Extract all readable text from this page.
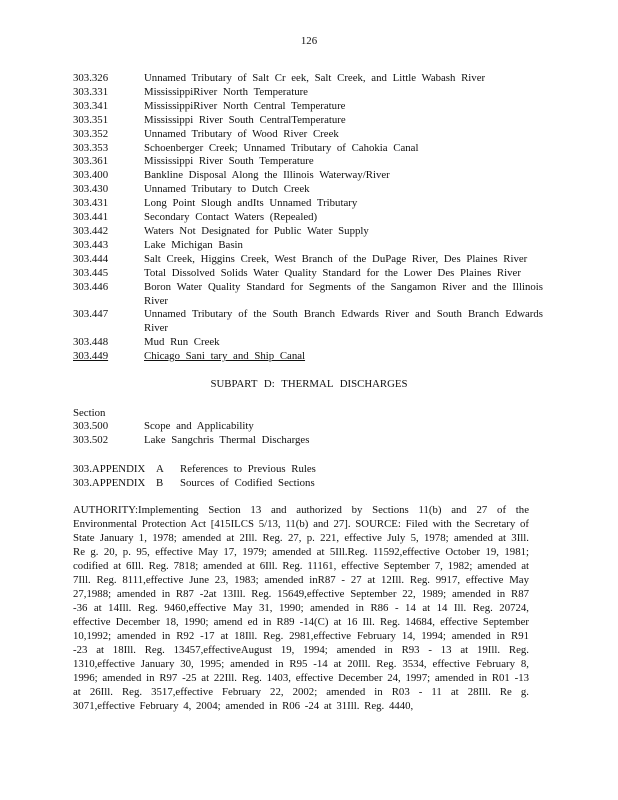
126
303.326	Unnamed Tributary of Salt Cr eek, Salt Creek, and Little Wabash River
303.331	MississippiRiver North Temperature
303.341	MississippiRiver North Central Temperature
303.351	Mississippi River South CentralTemperature
303.352	Unnamed Tributary of Wood River Creek
303.353	Schoenberger Creek; Unnamed Tributary of Cahokia Canal
303.361	Mississippi River South Temperature
303.400	Bankline Disposal Along the Illinois Waterway/River
303.430	Unnamed Tributary to Dutch Creek
303.431	Long Point Slough andIts Unnamed Tributary
303.441	Secondary Contact Waters (Repealed)
303.442	Waters Not Designated for Public Water Supply
303.443	Lake Michigan Basin
303.444	Salt Creek, Higgins Creek, West Branch of the DuPage River, Des Plaines River
303.445	Total Dissolved Solids Water Quality Standard for the Lower Des Plaines River
303.446	Boron Water Quality Standard for Segments of the Sangamon River and the Illinois River
303.447	Unnamed Tributary of the South Branch Edwards River and South Branch Edwards River
303.448	Mud Run Creek
303.449	Chicago Sani tary and Ship Canal
SUBPART D: THERMAL DISCHARGES
Section
303.500	Scope and Applicability
303.502	Lake Sangchris Thermal Discharges
303.APPENDIX A	References to Previous Rules
303.APPENDIX B	Sources of Codified Sections
AUTHORITY:Implementing Section 13 and authorized by Sections 11(b) and 27 of the Environmental Protection Act [415ILCS 5/13, 11(b) and 27]. SOURCE: Filed with the Secretary of State January 1, 1978; amended at 2Ill. Reg. 27, p. 221, effective July 5, 1978; amended at 3Ill. Re g. 20, p. 95, effective May 17, 1979; amended at 5Ill.Reg. 11592,effective October 19, 1981; codified at 6Ill. Reg. 7818; amended at 6Ill. Reg. 11161, effective September 7, 1982; amended at 7Ill. Reg. 8111,effective June 23, 1983; amended inR87 - 27 at 12Ill. Reg. 9917, effective May 27,1988; amended in R87 -2at 13Ill. Reg. 15649,effective September 22, 1989; amended in R87 -36 at 14Ill. Reg. 9460,effective May 31, 1990; amended in R86 - 14 at 14 Ill. Reg. 20724, effective December 18, 1990; amend ed in R89 -14(C) at 16 Ill. Reg. 14684, effective September 10,1992; amended in R92 -17 at 18Ill. Reg. 2981,effective February 14, 1994; amended in R91 -23 at 18Ill. Reg. 13457,effectiveAugust 19, 1994; amended in R93 - 13 at 19Ill. Reg. 1310,effective January 30, 1995; amended in R95 -14 at 20Ill. Reg. 3534, effective February 8, 1996; amended in R97 -25 at 22Ill. Reg. 1403, effective December 24, 1997; amended in R01 -13 at 26Ill. Reg. 3517,effective February 22, 2002; amended in R03 - 11 at 28Ill. Re g. 3071,effective February 4, 2004; amended in R06 -24 at 31Ill. Reg. 4440,
